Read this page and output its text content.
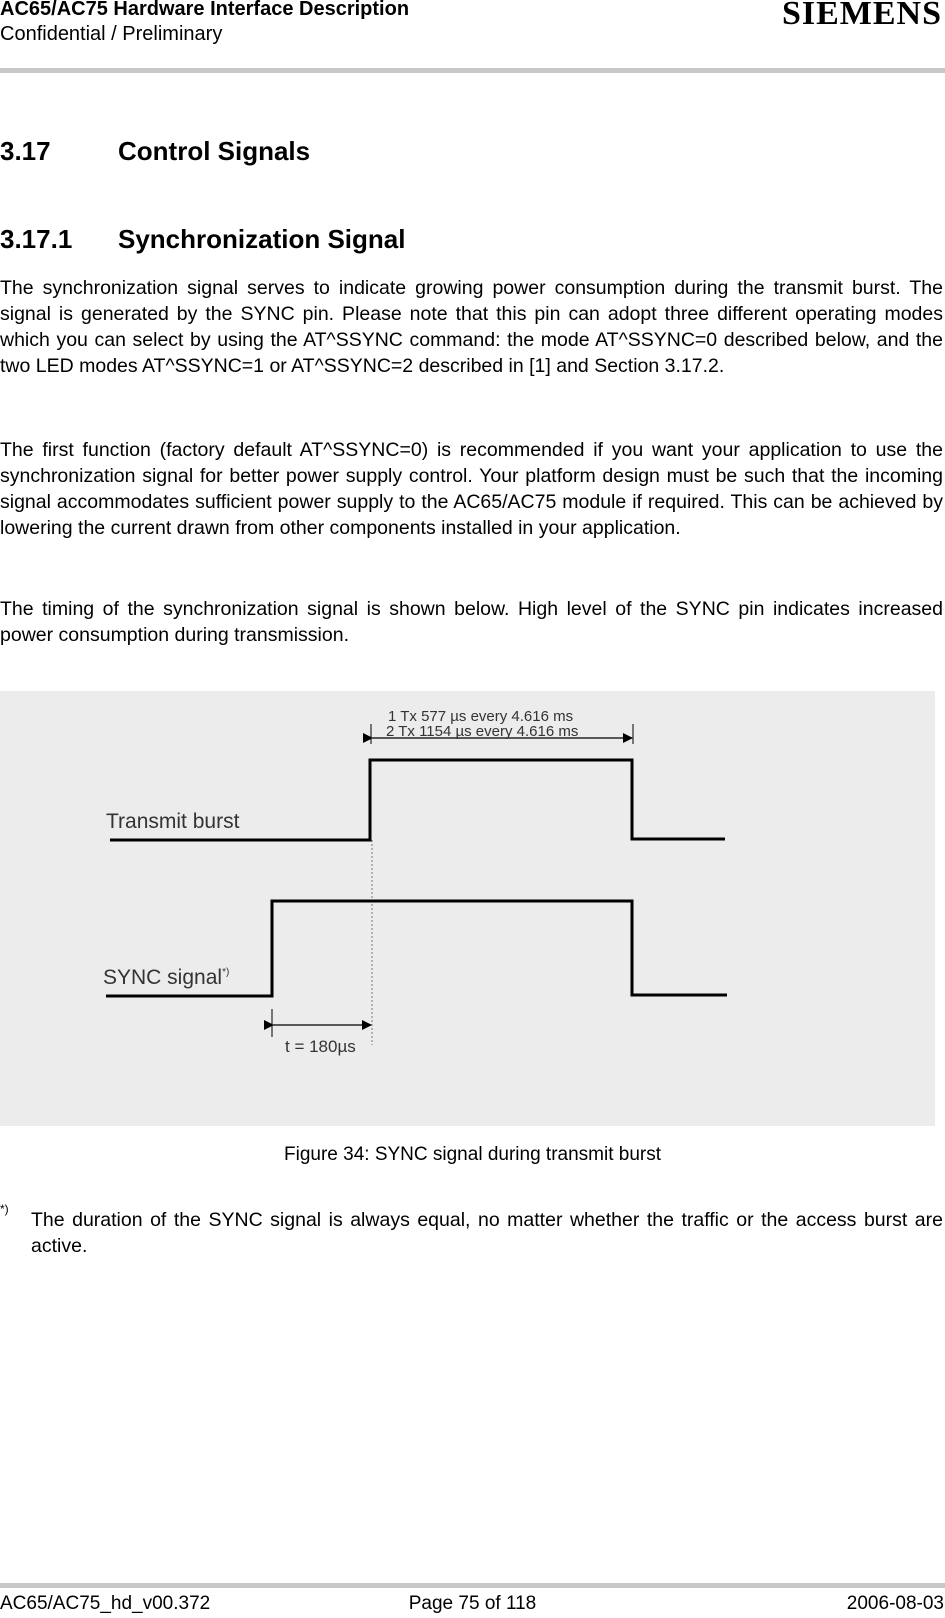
AC65/AC75 Hardware Interface Description
Confidential / Preliminary
SIEMENS
3.17	Control Signals
3.17.1 Synchronization Signal
The synchronization signal serves to indicate growing power consumption during the transmit burst. The signal is generated by the SYNC pin. Please note that this pin can adopt three different operating modes which you can select by using the AT^SSYNC command: the mode AT^SSYNC=0 described below, and the two LED modes AT^SSYNC=1 or AT^SSYNC=2 described in [1] and Section 3.17.2.
The first function (factory default AT^SSYNC=0) is recommended if you want your application to use the synchronization signal for better power supply control. Your platform design must be such that the incoming signal accommodates sufficient power supply to the AC65/AC75 module if required. This can be achieved by lowering the current drawn from other components installed in your application.
The timing of the synchronization signal is shown below. High level of the SYNC pin indicates increased power consumption during transmission.
1 Tx 577 µs every 4.616 ms
2 Tx 1154 µs every 4.616 ms
Transmit burst
SYNC signal*)
t = 180µs
Figure 34: SYNC signal during transmit burst
*) The duration of the SYNC signal is always equal, no matter whether the traffic or the access burst are active.
AC65/AC75_hd_v00.372	Page 75 of 118	2006-08-03
